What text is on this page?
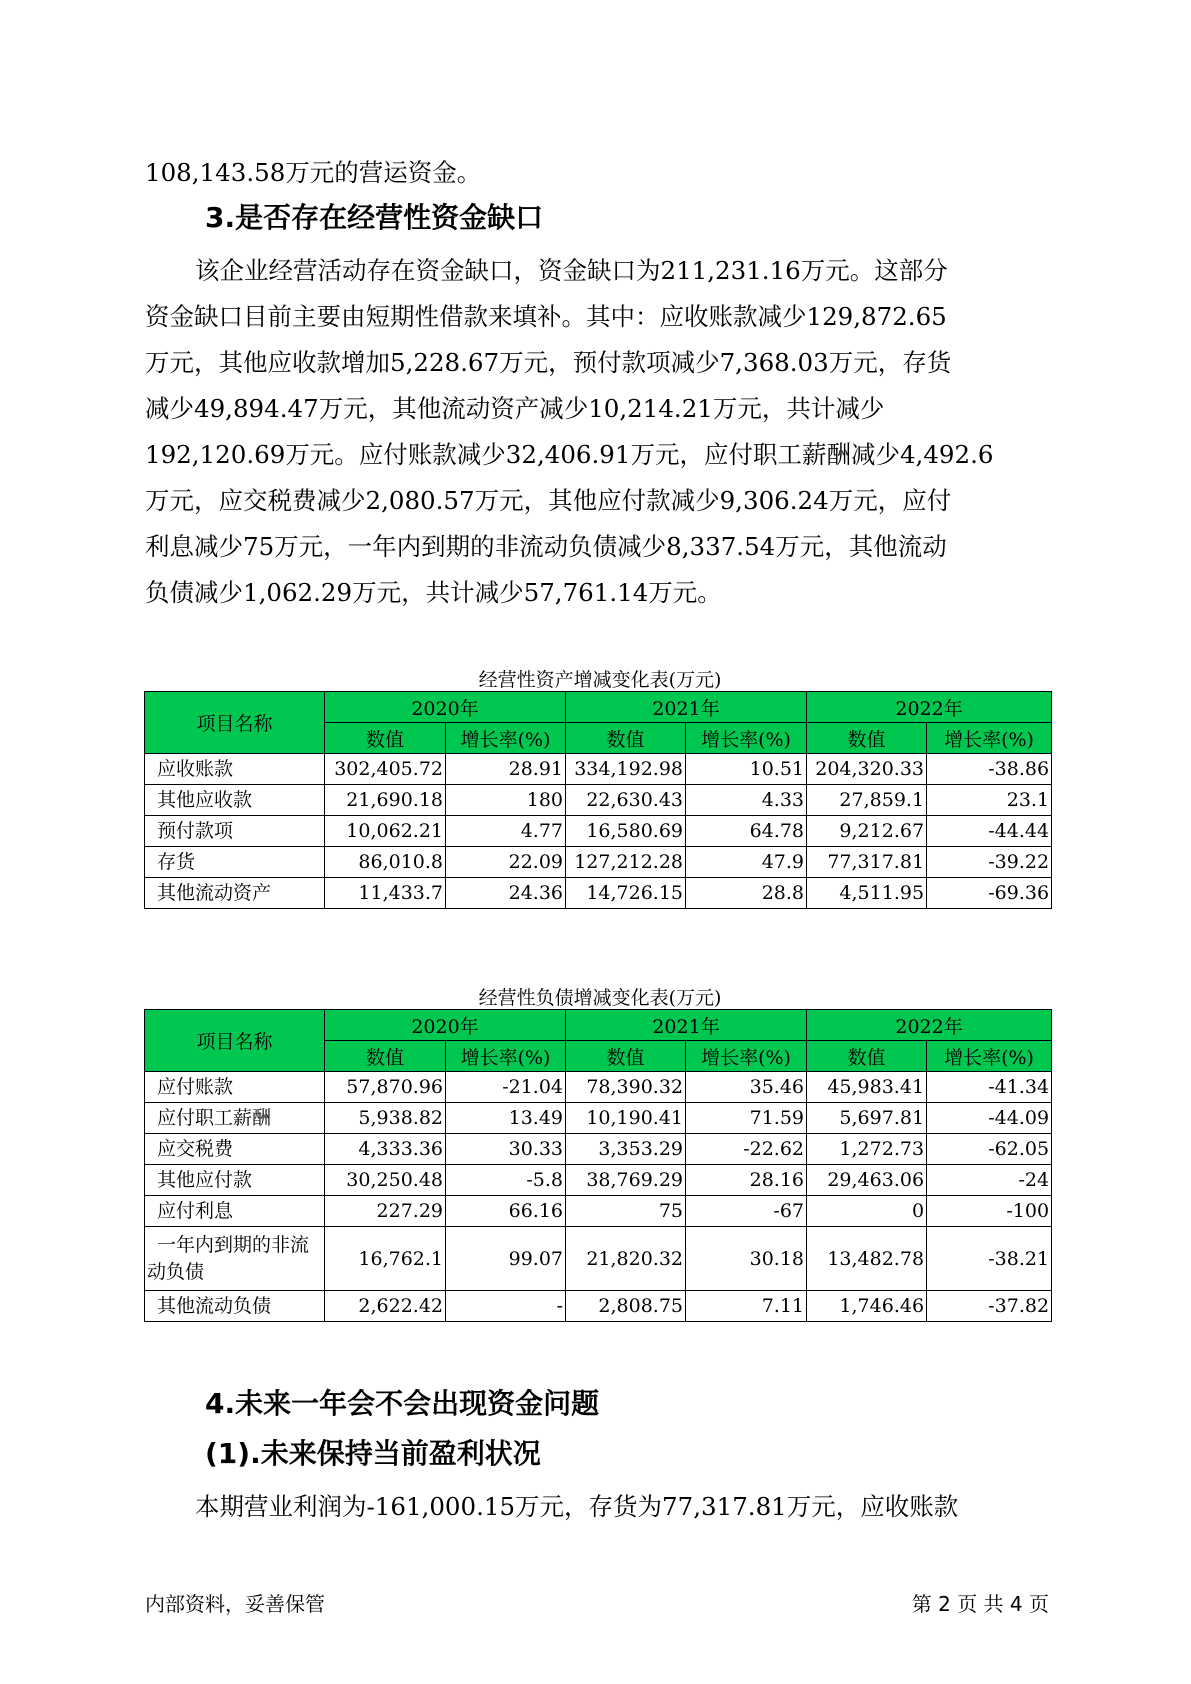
108,143.58万元的营运资金。

3.是否存在经营性资金缺口

该企业经营活动存在资金缺口，资金缺口为211,231.16万元。这部分
资金缺口目前主要由短期性借款来填补。其中：应收账款减少129,872.65
万元，其他应收款增加5,228.67万元，预付款项减少7,368.03万元，存货
减少49,894.47万元，其他流动资产减少10,214.21万元，共计减少
192,120.69万元。应付账款减少32,406.91万元，应付职工薪酬减少4,492.6
万元，应交税费减少2,080.57万元，其他应付款减少9,306.24万元，应付
利息减少75万元，一年内到期的非流动负债减少8,337.54万元，其他流动
负债减少1,062.29万元，共计减少57,761.14万元。

经营性资产增减变化表(万元)

项目名称	2020年		2021年		2022年	
	数值	增长率(%)	数值	增长率(%)	数值	增长率(%)
应收账款	302,405.72	28.91	334,192.98	10.51	204,320.33	-38.86
其他应收款	21,690.18	180	22,630.43	4.33	27,859.1	23.1
预付款项	10,062.21	4.77	16,580.69	64.78	9,212.67	-44.44
存货	86,010.8	22.09	127,212.28	47.9	77,317.81	-39.22
其他流动资产	11,433.7	24.36	14,726.15	28.8	4,511.95	-69.36

经营性负债增减变化表(万元)

项目名称	2020年		2021年		2022年	
	数值	增长率(%)	数值	增长率(%)	数值	增长率(%)
应付账款	57,870.96	-21.04	78,390.32	35.46	45,983.41	-41.34
应付职工薪酬	5,938.82	13.49	10,190.41	71.59	5,697.81	-44.09
应交税费	4,333.36	30.33	3,353.29	-22.62	1,272.73	-62.05
其他应付款	30,250.48	-5.8	38,769.29	28.16	29,463.06	-24
应付利息	227.29	66.16	75	-67	0	-100

一年内到期的非流
动负债	16,762.1	99.07	21,820.32	30.18	13,482.78	-38.21
其他流动负债	2,622.42	-	2,808.75	7.11	1,746.46	-37.82
4.未来一年会不会出现资金问题
(1).未来保持当前盈利状况

本期营业利润为-161,000.15万元，存货为77,317.81万元，应收账款

内部资料，妥善保管	第 2 页 共 4 页
